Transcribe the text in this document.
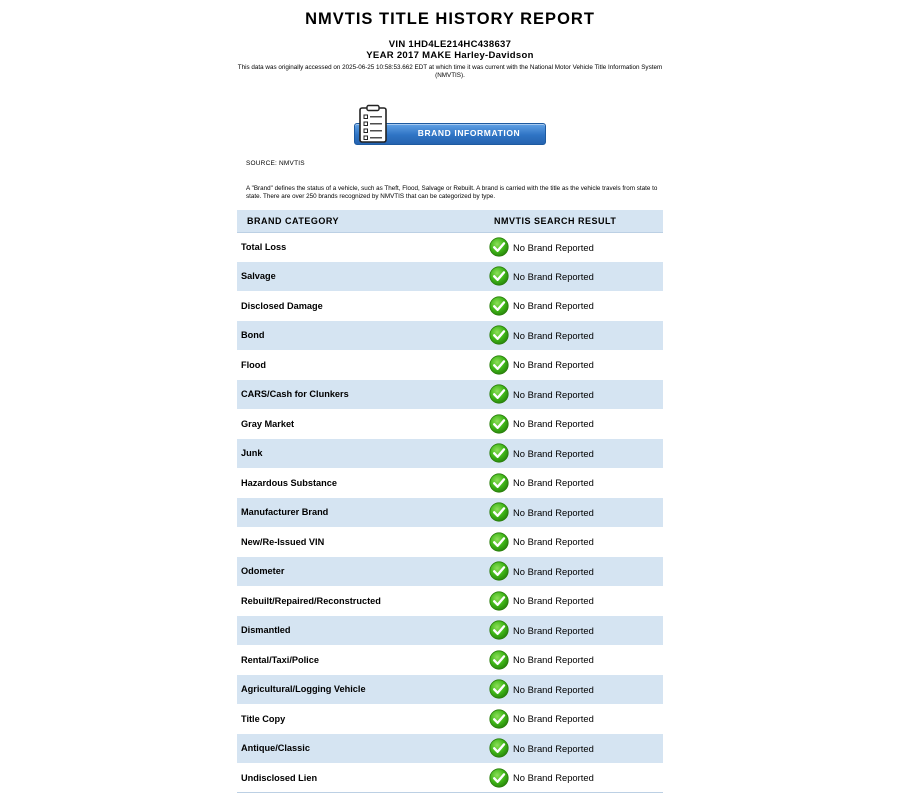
NMVTIS TITLE HISTORY REPORT
VIN 1HD4LE214HC438637
YEAR 2017 MAKE Harley-Davidson
This data was originally accessed on 2025-06-25 10:58:53.662 EDT at which time it was current with the National Motor Vehicle Title Information System (NMVTIS).
BRAND INFORMATION
SOURCE: NMVTIS
A "Brand" defines the status of a vehicle, such as Theft, Flood, Salvage or Rebuilt. A brand is carried with the title as the vehicle travels from state to state. There are over 250 brands recognized by NMVTIS that can be categorized by type.
BRAND CATEGORY	NMVTIS SEARCH RESULT
Total Loss	No Brand Reported

Salvage	No Brand Reported

Disclosed Damage	No Brand Reported

Bond	No Brand Reported

Flood	No Brand Reported

CARS/Cash for Clunkers	No Brand Reported

Gray Market	No Brand Reported

Junk	No Brand Reported

Hazardous Substance	No Brand Reported

Manufacturer Brand	No Brand Reported

New/Re-Issued VIN	No Brand Reported

Odometer	No Brand Reported

Rebuilt/Repaired/Reconstructed	No Brand Reported

Dismantled	No Brand Reported

Rental/Taxi/Police	No Brand Reported

Agricultural/Logging Vehicle	No Brand Reported

Title Copy	No Brand Reported

Antique/Classic	No Brand Reported

Undisclosed Lien	No Brand Reported
